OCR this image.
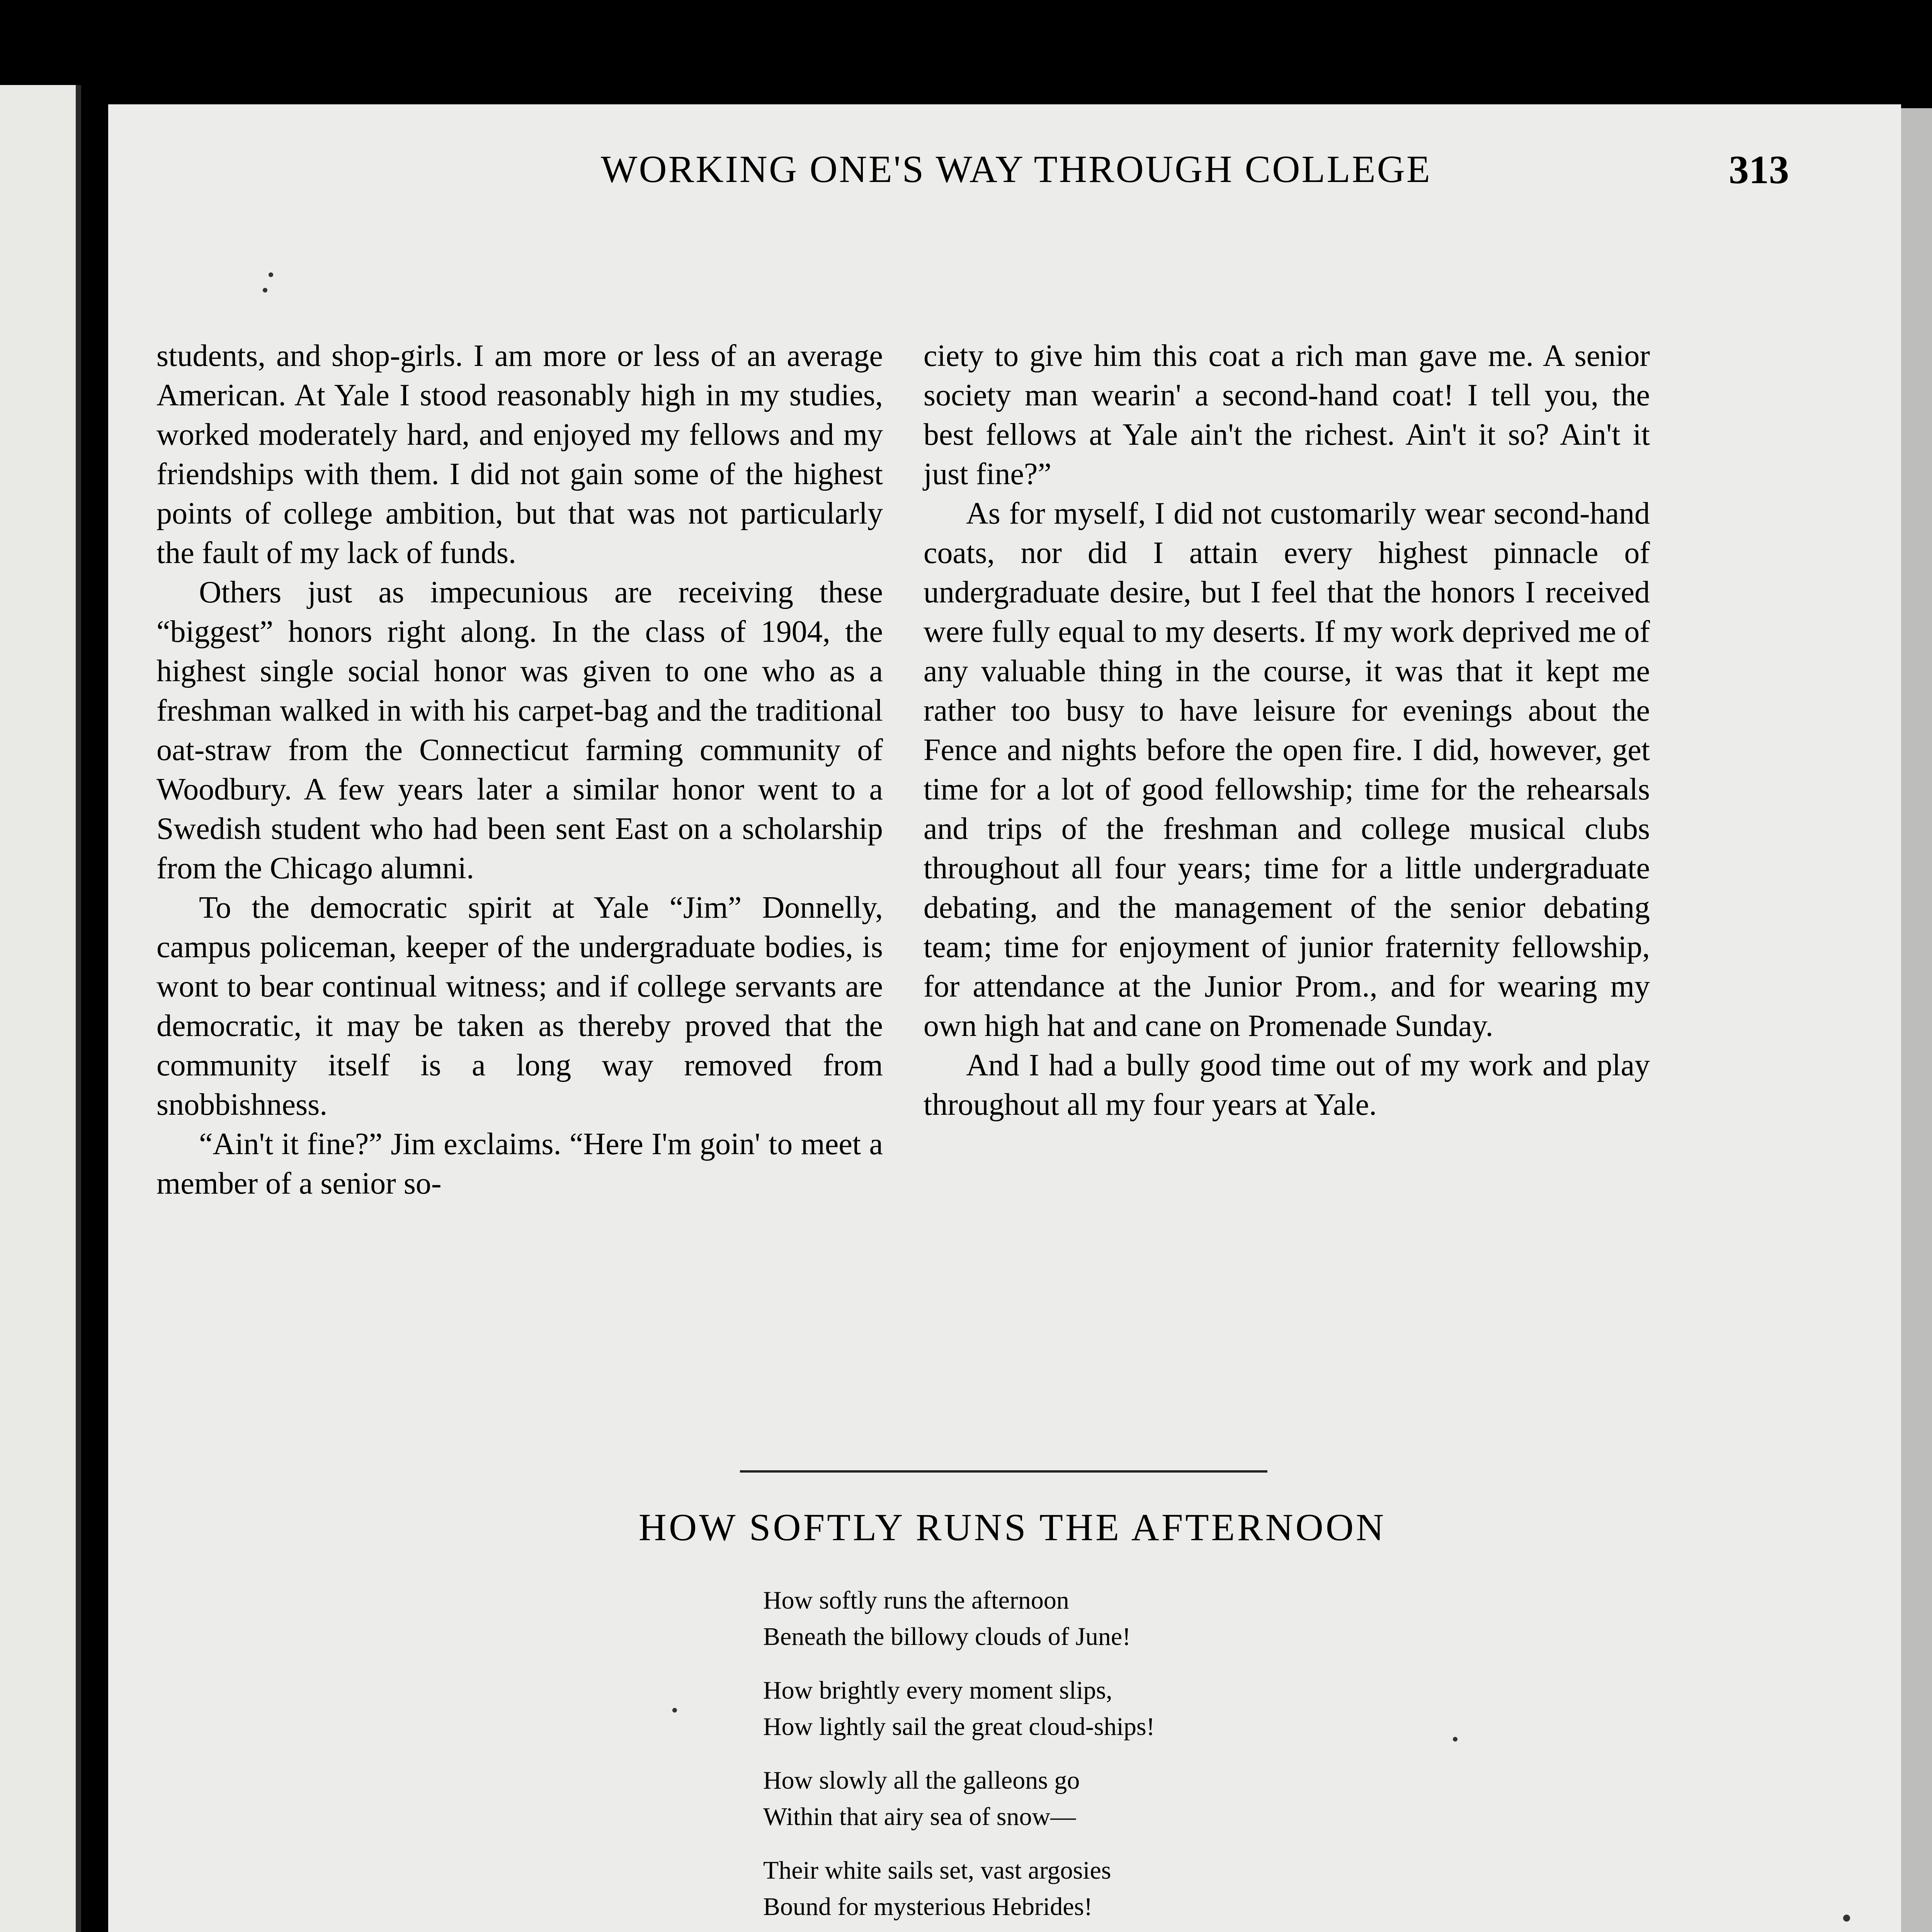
WORKING ONE'S WAY THROUGH COLLEGE	313

students, and shop-girls. I am more or less of an average American. At Yale I stood reasonably high in my studies, worked moderately hard, and enjoyed my fellows and my friendships with them. I did not gain some of the highest points of college ambition, but that was not particularly the fault of my lack of funds.

Others just as impecunious are receiving these “biggest” honors right along. In the class of 1904, the highest single social honor was given to one who as a freshman walked in with his carpet-bag and the traditional oat-straw from the Connecticut farming community of Woodbury. A few years later a similar honor went to a Swedish student who had been sent East on a scholarship from the Chicago alumni.

To the democratic spirit at Yale “Jim” Donnelly, campus policeman, keeper of the undergraduate bodies, is wont to bear continual witness; and if college servants are democratic, it may be taken as thereby proved that the community itself is a long way removed from snobbishness.

“Ain't it fine?” Jim exclaims. “Here I'm goin' to meet a member of a senior so-

ciety to give him this coat a rich man gave me. A senior society man wearin' a second-hand coat! I tell you, the best fellows at Yale ain't the richest. Ain't it so? Ain't it just fine?”

As for myself, I did not customarily wear second-hand coats, nor did I attain every highest pinnacle of undergraduate desire, but I feel that the honors I received were fully equal to my deserts. If my work deprived me of any valuable thing in the course, it was that it kept me rather too busy to have leisure for evenings about the Fence and nights before the open fire. I did, however, get time for a lot of good fellowship; time for the rehearsals and trips of the freshman and college musical clubs throughout all four years; time for a little undergraduate debating, and the management of the senior debating team; time for enjoyment of junior fraternity fellowship, for attendance at the Junior Prom., and for wearing my own high hat and cane on Promenade Sunday.

And I had a bully good time out of my work and play throughout all my four years at Yale.

HOW SOFTLY RUNS THE AFTERNOON
How softly runs the afternoon
Beneath the billowy clouds of June!
How brightly every moment slips,
How lightly sail the great cloud-ships!
How slowly all the galleons go
Within that airy sea of snow—
Their white sails set, vast argosies
Bound for mysterious Hebrides!
